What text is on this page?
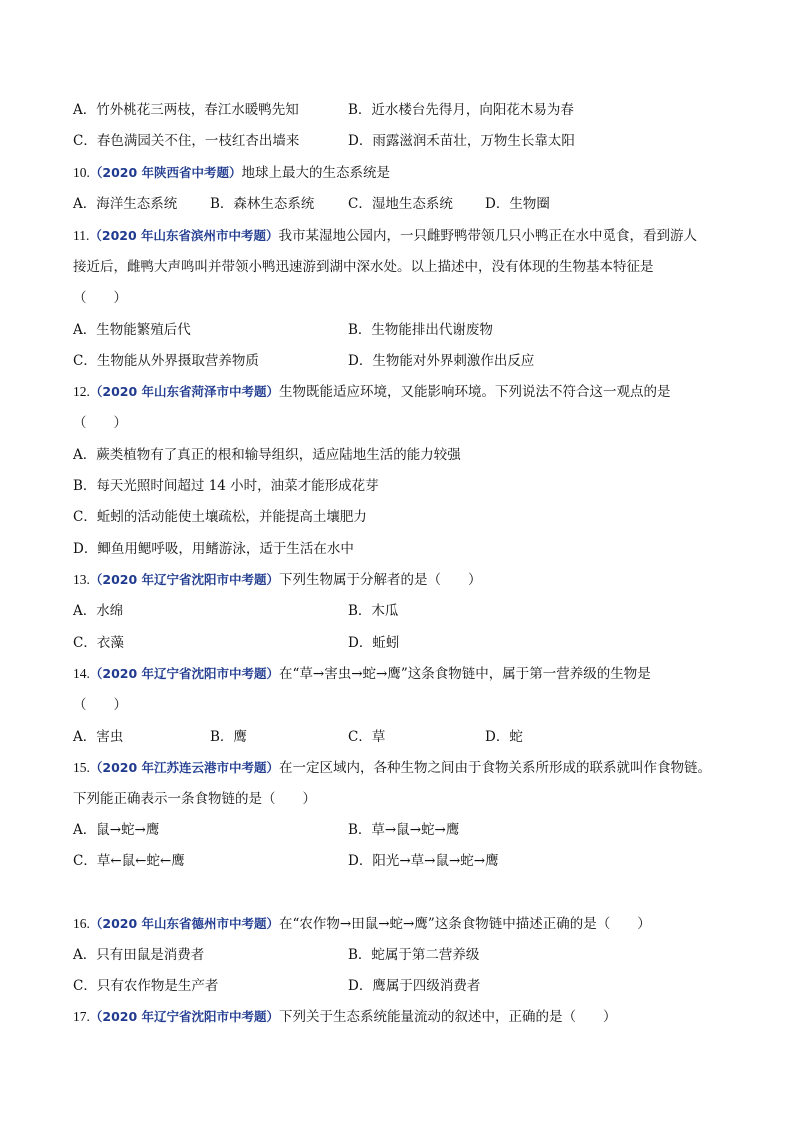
A．竹外桃花三两枝，春江水暖鸭先知	B．近水楼台先得月，向阳花木易为春
C．春色满园关不住，一枝红杏出墙来	D．雨露滋润禾苗壮，万物生长靠太阳
10.（2020 年陕西省中考题）地球上最大的生态系统是
A．海洋生态系统 B．森林生态系统 C．湿地生态系统 D．生物圈
11.（2020 年山东省滨州市中考题）我市某湿地公园内，一只雌野鸭带领几只小鸭正在水中觅食，看到游人
接近后，雌鸭大声鸣叫并带领小鸭迅速游到湖中深水处。以上描述中，没有体现的生物基本特征是
（　　）
A．生物能繁殖后代	B．生物能排出代谢废物
C．生物能从外界摄取营养物质	D．生物能对外界刺激作出反应
12.（2020 年山东省菏泽市中考题）生物既能适应环境，又能影响环境。下列说法不符合这一观点的是
（　　）
A．蕨类植物有了真正的根和输导组织，适应陆地生活的能力较强
B．每天光照时间超过 14 小时，油菜才能形成花芽
C．蚯蚓的活动能使土壤疏松，并能提高土壤肥力
D．鲫鱼用鳃呼吸，用鳍游泳，适于生活在水中
13.（2020 年辽宁省沈阳市中考题）下列生物属于分解者的是（　　）
A．水绵	B．木瓜
C．衣藻	D．蚯蚓
14.（2020 年辽宁省沈阳市中考题）在“草→害虫→蛇→鹰”这条食物链中，属于第一营养级的生物是
（　　）
A．害虫	B．鹰	C．草	D．蛇
15.（2020 年江苏连云港市中考题）在一定区域内，各种生物之间由于食物关系所形成的联系就叫作食物链。
下列能正确表示一条食物链的是（　　）
A．鼠→蛇→鹰	B．草→鼠→蛇→鹰
C．草←鼠←蛇←鹰	D．阳光→草→鼠→蛇→鹰
16.（2020 年山东省德州市中考题）在“农作物→田鼠→蛇→鹰”这条食物链中描述正确的是（　　）
A．只有田鼠是消费者	B．蛇属于第二营养级
C．只有农作物是生产者	D．鹰属于四级消费者
17.（2020 年辽宁省沈阳市中考题）下列关于生态系统能量流动的叙述中，正确的是（　　）
